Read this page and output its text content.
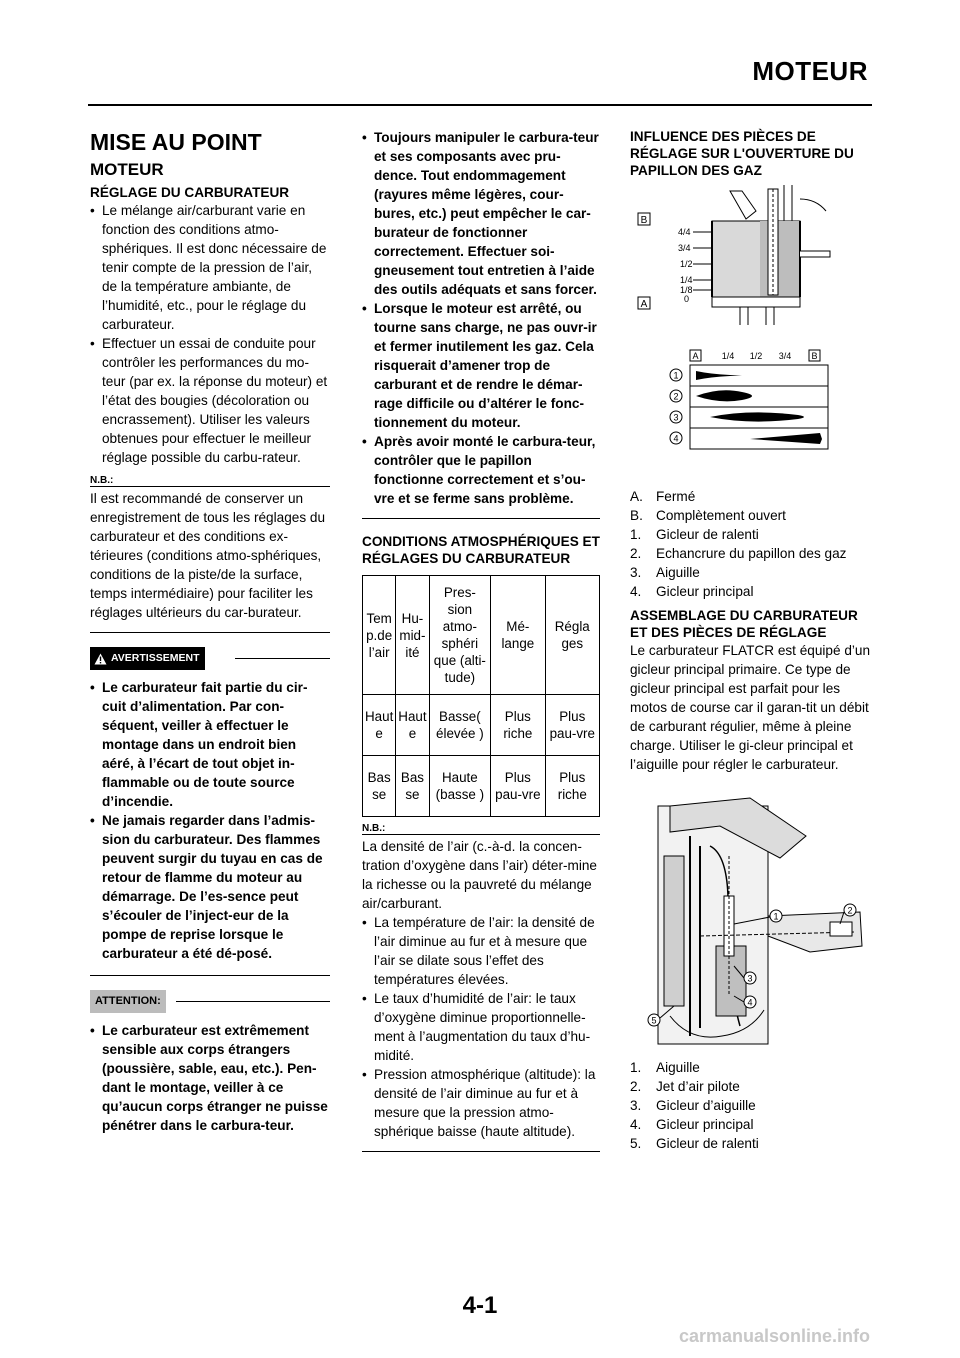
MOTEUR
MISE AU POINT
MOTEUR
RÉGLAGE DU CARBURATEUR
• Le mélange air/carburant varie en fonction des conditions atmo-sphériques. Il est donc nécessaire de tenir compte de la pression de l’air, de la température ambiante, de l’humidité, etc., pour le réglage du carburateur.
• Effectuer un essai de conduite pour contrôler les performances du mo-teur (par ex. la réponse du moteur) et l’état des bougies (décoloration ou encrassement). Utiliser les valeurs obtenues pour effectuer le meilleur réglage possible du carbu-rateur.
N.B.:
Il est recommandé de conserver un enregistrement de tous les réglages du carburateur et des conditions ex-térieures (conditions atmo-sphériques, conditions de la piste/de la surface, temps intermédiaire) pour faciliter les réglages ultérieurs du car-burateur.
AVERTISSEMENT
• Le carburateur fait partie du cir-cuit d’alimentation. Par con-séquent, veiller à effectuer le montage dans un endroit bien aéré, à l’écart de tout objet in-flammable ou de toute source d’incendie.
• Ne jamais regarder dans l’admis-sion du carburateur. Des flammes peuvent surgir du tuyau en cas de retour de flamme du moteur au démarrage. De l’es-sence peut s’écouler de l’inject-eur de la pompe de reprise lorsque le carburateur a été dé-posé.
ATTENTION:
• Le carburateur est extrêmement sensible aux corps étrangers (poussière, sable, eau, etc.). Pen-dant le montage, veiller à ce qu’aucun corps étranger ne puisse pénétrer dans le carbura-teur.
• Toujours manipuler le carbura-teur et ses composants avec pru-dence. Tout endommagement (rayures même légères, cour-bures, etc.) peut empêcher le car-burateur de fonctionner correctement. Effectuer soi-gneusement tout entretien à l’aide des outils adéquats et sans forcer.
• Lorsque le moteur est arrêté, ou tourne sans charge, ne pas ouvr-ir et fermer inutilement les gaz. Cela risquerait d’amener trop de carburant et de rendre le démar-rage difficile ou d’altérer le fonc-tionnement du moteur.
• Après avoir monté le carbura-teur, contrôler que le papillon fonctionne correctement et s’ou-vre et se ferme sans problème.
CONDITIONS ATMOSPHÉRIQUES ET RÉGLAGES DU CARBURATEUR
Tem p.de l’air	Hu-mid-ité	Pres-sion atmo-sphéri que (alti-tude)	Mé-lange	Régla ges
Haut e	Haut e	Basse( élevée )	Plus riche	Plus pau-vre
Bas se	Bas se	Haute (basse )	Plus pau-vre	Plus riche
N.B.:
La densité de l’air (c.-à-d. la concen-tration d’oxygène dans l’air) déter-mine la richesse ou la pauvreté du mélange air/carburant.
• La température de l’air: la densité de l’air diminue au fur et à mesure que l’air se dilate sous l’effet des températures élevées.
• Le taux d’humidité de l’air: le taux d’oxygène diminue proportionnelle-ment à l’augmentation du taux d’hu-midité.
• Pression atmosphérique (altitude): la densité de l’air diminue au fur et à mesure que la pression atmo-sphérique baisse (haute altitude).
INFLUENCE DES PIÈCES DE RÉGLAGE SUR L'OUVERTURE DU PAPILLON DES GAZ
B
A
4/4
3/4
1/2
1/4
1/8
0
A	1/4 1/2 3/4 B
1
2
3
4
A. Fermé
B. Complètement ouvert
1.	Gicleur de ralenti
2.	Echancrure du papillon des gaz
3.	Aiguille
4.	Gicleur principal
ASSEMBLAGE DU CARBURATEUR ET DES PIÈCES DE RÉGLAGE
Le carburateur FLATCR est équipé d’un gicleur principal primaire. Ce type de gicleur principal est parfait pour les motos de course car il garan-tit un débit de carburant régulier, même à pleine charge. Utiliser le gi-cleur principal et l’aiguille pour régler le carburateur.
1
2
3
4
5
1.	Aiguille
2.	Jet d’air pilote
3.	Gicleur d’aiguille
4.	Gicleur principal
5.	Gicleur de ralenti
4-1
carmanualsonline.info
